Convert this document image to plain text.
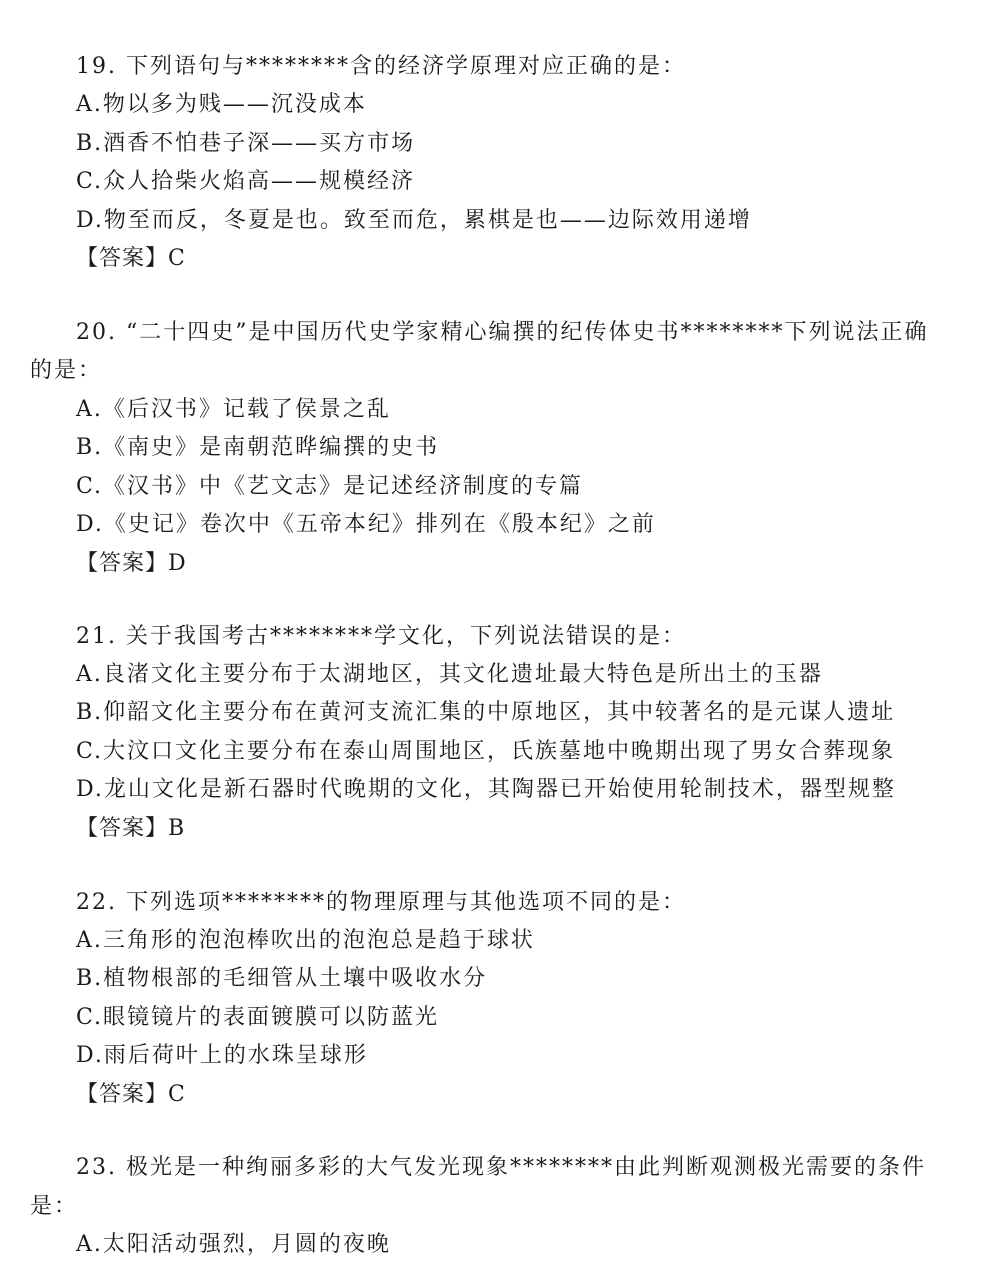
19. 下列语句与********含的经济学原理对应正确的是：
A.物以多为贱——沉没成本
B.酒香不怕巷子深——买方市场
C.众人拾柴火焰高——规模经济
D.物至而反，冬夏是也。致至而危，累棋是也——边际效用递增
【答案】C
20. “二十四史”是中国历代史学家精心编撰的纪传体史书********下列说法正确
的是：
A.《后汉书》记载了侯景之乱
B.《南史》是南朝范晔编撰的史书
C.《汉书》中《艺文志》是记述经济制度的专篇
D.《史记》卷次中《五帝本纪》排列在《殷本纪》之前
【答案】D
21. 关于我国考古********学文化，下列说法错误的是：
A.良渚文化主要分布于太湖地区，其文化遗址最大特色是所出土的玉器
B.仰韶文化主要分布在黄河支流汇集的中原地区，其中较著名的是元谋人遗址
C.大汶口文化主要分布在泰山周围地区，氏族墓地中晚期出现了男女合葬现象
D.龙山文化是新石器时代晚期的文化，其陶器已开始使用轮制技术，器型规整
【答案】B
22. 下列选项********的物理原理与其他选项不同的是：
A.三角形的泡泡棒吹出的泡泡总是趋于球状
B.植物根部的毛细管从土壤中吸收水分
C.眼镜镜片的表面镀膜可以防蓝光
D.雨后荷叶上的水珠呈球形
【答案】C
23. 极光是一种绚丽多彩的大气发光现象********由此判断观测极光需要的条件
是：
A.太阳活动强烈，月圆的夜晚
